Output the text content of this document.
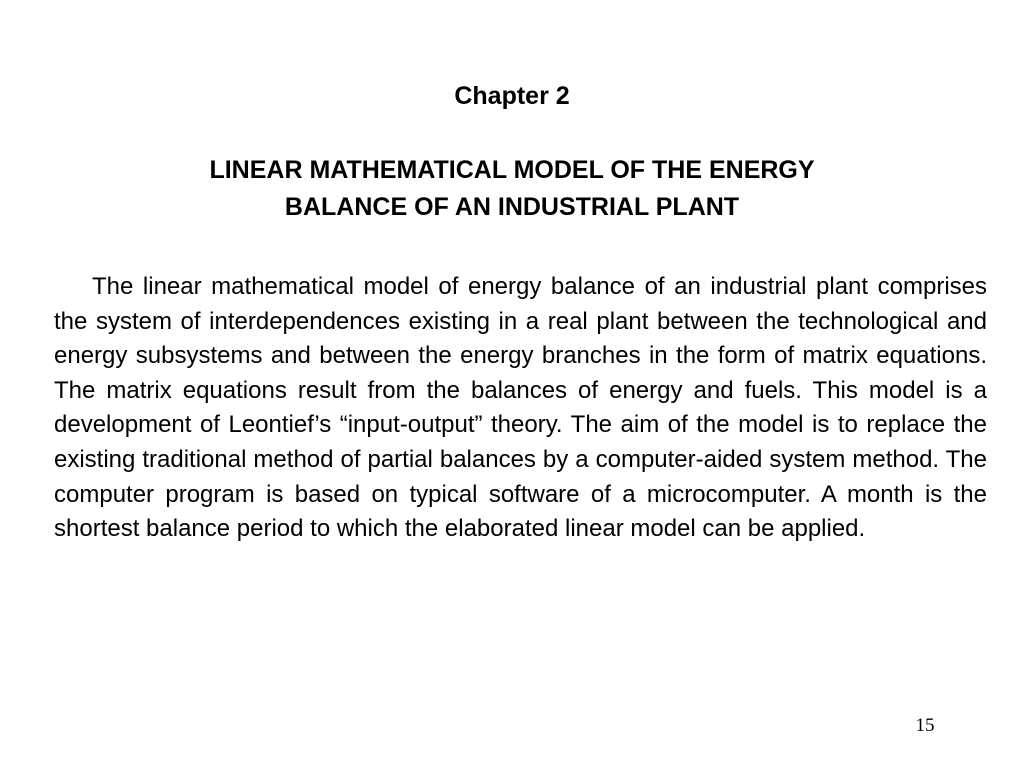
Chapter 2
LINEAR MATHEMATICAL MODEL OF THE ENERGY
BALANCE OF AN INDUSTRIAL PLANT

The linear mathematical model of energy balance of an industrial plant comprises the system of interdependences existing in a real plant between the technological and energy subsystems and between the energy branches in the form of matrix equations. The matrix equations result from the balances of energy and fuels. This model is a development of Leontief’s “input-output” theory. The aim of the model is to replace the existing traditional method of partial balances by a computer-aided system method. The computer program is based on typical software of a microcomputer. A month is the shortest balance period to which the elaborated linear model can be applied.

15
